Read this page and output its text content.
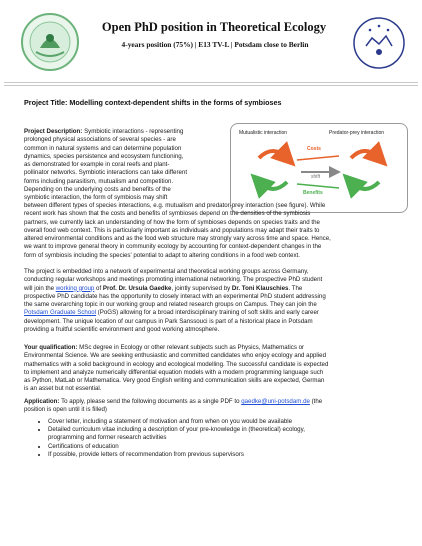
Open PhD position in Theoretical Ecology
4-years position (75%) | E13 TV-L | Potsdam close to Berlin
Project Title: Modelling context-dependent shifts in the forms of symbioses
Mutualistic interaction	Predator-prey interaction
Costs
shift
Benefits
Project Description: Symbiotic interactions - representing
prolonged physical associations of several species - are
common in natural systems and can determine population
dynamics, species persistence and ecosystem functioning,
as demonstrated for example in coral reefs and plant-
pollinator networks. Symbiotic interactions can take different
forms including parasitism, mutualism and competition.
Depending on the underlying costs and benefits of the
symbiotic interaction, the form of symbiosis may shift
between different types of species interactions, e.g. mutualism and predator-prey interaction (see figure). While
recent work has shown that the costs and benefits of symbioses depend on the densities of the symbiosis
partners, we currently lack an understanding of how the form of symbioses depends on species traits and the
overall food web context. This is particularly important as individuals and populations may adapt their traits to
altered environmental conditions and as the food web structure may strongly vary across time and space. Hence,
we want to improve general theory in community ecology by accounting for context-dependent changes in the
form of symbiosis including the species' potential to adapt to altering conditions in a food web context.
The project is embedded into a network of experimental and theoretical working groups across Germany,
conducting regular workshops and meetings promoting international networking. The prospective PhD student
will join the working group of Prof. Dr. Ursula Gaedke, jointly supervised by Dr. Toni Klauschies. The
prospective PhD candidate has the opportunity to closely interact with an experimental PhD student addressing
the same overarching topic in our working group and related research groups on Campus. They can join the
Potsdam Graduate School (PoGS) allowing for a broad interdisciplinary training of soft skills and early career
development. The unique location of our campus in Park Sanssouci is part of a historical place in Potsdam
providing a fruitful scientific environment and good working atmosphere.
Your qualification: MSc degree in Ecology or other relevant subjects such as Physics, Mathematics or
Environmental Science. We are seeking enthusiastic and committed candidates who enjoy ecology and applied
mathematics with a solid background in ecology and ecological modelling. The successful candidate is expected
to implement and analyze numerically differential equation models with a modern programming language such
as Python, MatLab or Mathematica. Very good English writing and communication skills are expected, German
is an asset but not essential.
Application: To apply, please send the following documents as a single PDF to gaedke@uni-potsdam.de (the
position is open until it is filled)
• Cover letter, including a statement of motivation and from when on you would be available
• Detailed curriculum vitae including a description of your pre-knowledge in (theoretical) ecology,
programming and former research activities
• Certifications of education
• If possible, provide letters of recommendation from previous supervisors
